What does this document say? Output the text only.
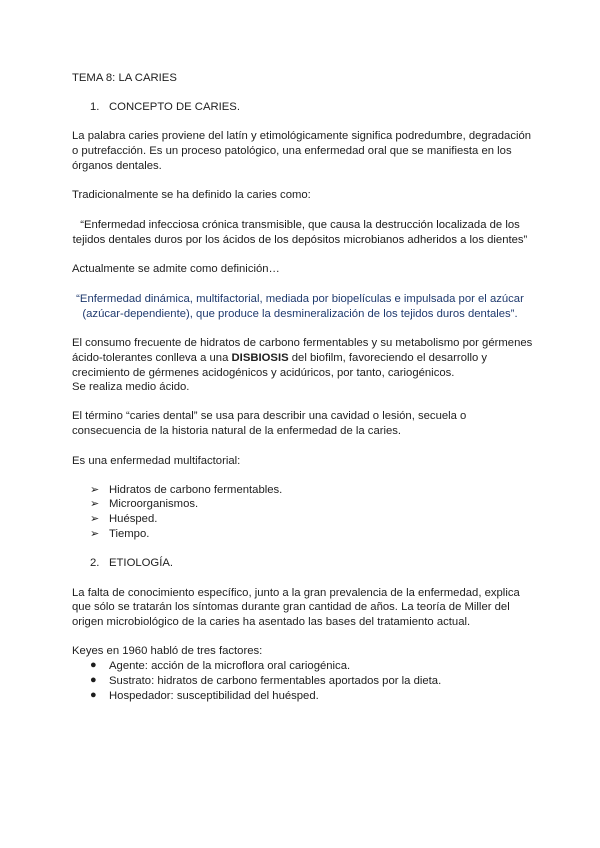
TEMA 8: LA CARIES

1. CONCEPTO DE CARIES.

La palabra caries proviene del latín y etimológicamente significa podredumbre, degradación

o putrefacción. Es un proceso patológico, una enfermedad oral que se manifiesta en los

órganos dentales.

Tradicionalmente se ha definido la caries como:

“Enfermedad infecciosa crónica transmisible, que causa la destrucción localizada de los

tejidos dentales duros por los ácidos de los depósitos microbianos adheridos a los dientes”

Actualmente se admite como definición…

“Enfermedad dinámica, multifactorial, mediada por biopelículas e impulsada por el azúcar

(azúcar-dependiente), que produce la desmineralización de los tejidos duros dentales”.

El consumo frecuente de hidratos de carbono fermentables y su metabolismo por gérmenes

ácido-tolerantes conlleva a una DISBIOSIS del biofilm, favoreciendo el desarrollo y

crecimiento de gérmenes acidogénicos y acidúricos, por tanto, cariogénicos.

Se realiza medio ácido.

El término “caries dental” se usa para describir una cavidad o lesión, secuela o

consecuencia de la historia natural de la enfermedad de la caries.

Es una enfermedad multifactorial:

➢ Hidratos de carbono fermentables.
➢ Microorganismos.
➢ Huésped.
➢ Tiempo.
2. ETIOLOGÍA.

La falta de conocimiento específico, junto a la gran prevalencia de la enfermedad, explica

que sólo se tratarán los síntomas durante gran cantidad de años. La teoría de Miller del

origen microbiológico de la caries ha asentado las bases del tratamiento actual.

Keyes en 1960 habló de tres factores:

● Agente: acción de la microflora oral cariogénica.
● Sustrato: hidratos de carbono fermentables aportados por la dieta.
● Hospedador: susceptibilidad del huésped.
